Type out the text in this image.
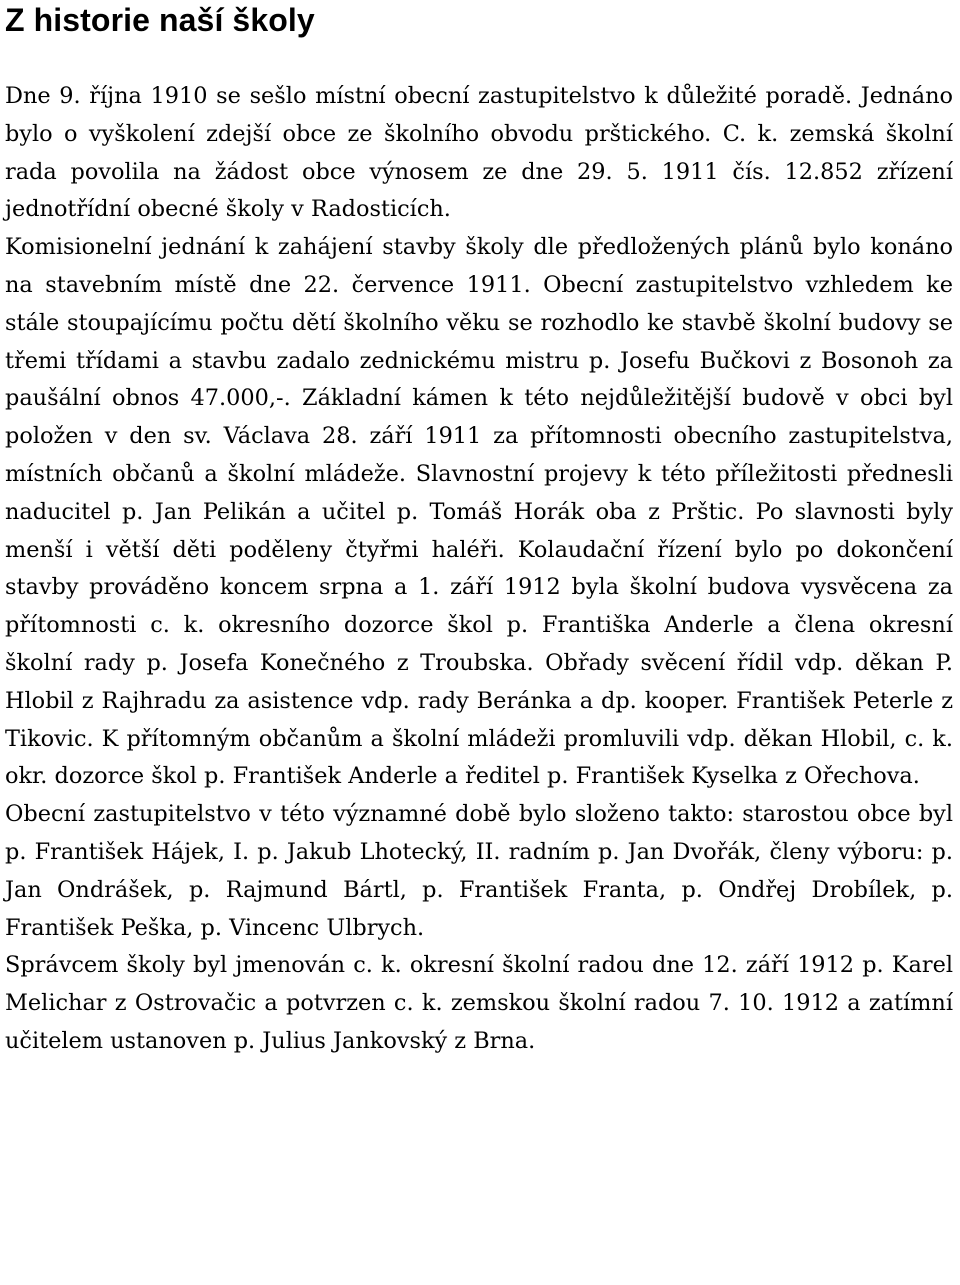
Z historie naší školy

Dne 9. října 1910 se sešlo místní obecní zastupitelstvo k důležité poradě. Jednáno bylo o vyškolení zdejší obce ze školního obvodu prštického. C. k. zemská školní rada povolila na žádost obce výnosem ze dne 29. 5. 1911 čís. 12.852 zřízení jednotřídní obecné školy v Radosticích.

Komisionelní jednání k zahájení stavby školy dle předložených plánů bylo konáno na stavebním místě dne 22. července 1911. Obecní zastupitelstvo vzhledem ke stále stoupajícímu počtu dětí školního věku se rozhodlo ke stavbě školní budovy se třemi třídami a stavbu zadalo zednickému mistru p. Josefu Bučkovi z Bosonoh za paušální obnos 47.000,-. Základní kámen k této nejdůležitější budově v obci byl položen v den sv. Václava 28. září 1911 za přítomnosti obecního zastupitelstva, místních občanů a školní mládeže. Slavnostní projevy k této příležitosti přednesli naducitel p. Jan Pelikán a učitel p. Tomáš Horák oba z Prštic. Po slavnosti byly menší i větší děti poděleny čtyřmi haléři. Kolaudační řízení bylo po dokončení stavby prováděno koncem srpna a 1. září 1912 byla školní budova vysvěcena za přítomnosti c. k. okresního dozorce škol p. Františka Anderle a člena okresní školní rady p. Josefa Konečného z Troubska. Obřady svěcení řídil vdp. děkan P. Hlobil z Rajhradu za asistence vdp. rady Beránka a dp. kooper. František Peterle z Tikovic. K přítomným občanům a školní mládeži promluvili vdp. děkan Hlobil, c. k. okr. dozorce škol p. František Anderle a ředitel p. František Kyselka z Ořechova.

Obecní zastupitelstvo v této významné době bylo složeno takto: starostou obce byl p. František Hájek, I. p. Jakub Lhotecký, II. radním p. Jan Dvořák, členy výboru: p. Jan Ondrášek, p. Rajmund Bártl, p. František Franta, p. Ondřej Drobílek, p. František Peška, p. Vincenc Ulbrych.

Správcem školy byl jmenován c. k. okresní školní radou dne 12. září 1912 p. Karel Melichar z Ostrovačic a potvrzen c. k. zemskou školní radou 7. 10. 1912 a zatímní učitelem ustanoven p. Julius Jankovský z Brna.
